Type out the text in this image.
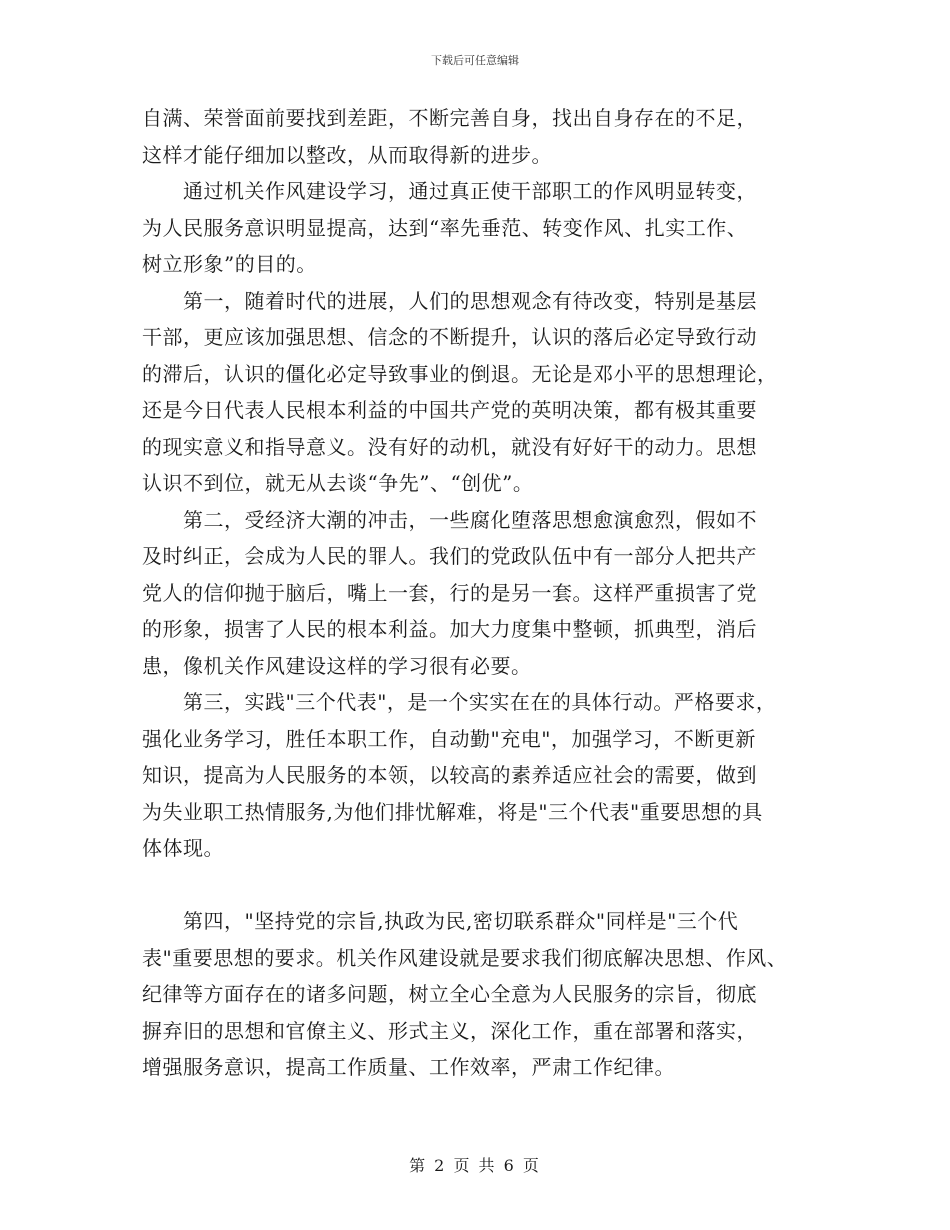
下载后可任意编辑
自满、荣誉面前要找到差距，不断完善自身，找出自身存在的不足，
这样才能仔细加以整改，从而取得新的进步。
　　通过机关作风建设学习，通过真正使干部职工的作风明显转变，
为人民服务意识明显提高，达到“率先垂范、转变作风、扎实工作、
树立形象”的目的。
　　第一，随着时代的进展，人们的思想观念有待改变，特别是基层
干部，更应该加强思想、信念的不断提升，认识的落后必定导致行动
的滞后，认识的僵化必定导致事业的倒退。无论是邓小平的思想理论，
还是今日代表人民根本利益的中国共产党的英明决策，都有极其重要
的现实意义和指导意义。没有好的动机，就没有好好干的动力。思想
认识不到位，就无从去谈“争先”、“创优”。
　　第二，受经济大潮的冲击，一些腐化堕落思想愈演愈烈，假如不
及时纠正，会成为人民的罪人。我们的党政队伍中有一部分人把共产
党人的信仰抛于脑后，嘴上一套，行的是另一套。这样严重损害了党
的形象，损害了人民的根本利益。加大力度集中整顿，抓典型，消后
患，像机关作风建设这样的学习很有必要。
　　第三，实践"三个代表"，是一个实实在在的具体行动。严格要求，
强化业务学习，胜任本职工作，自动勤"充电"，加强学习，不断更新
知识，提高为人民服务的本领，以较高的素养适应社会的需要，做到
为失业职工热情服务,为他们排忧解难，将是"三个代表"重要思想的具
体体现。
　　第四，"坚持党的宗旨,执政为民,密切联系群众"同样是"三个代
表"重要思想的要求。机关作风建设就是要求我们彻底解决思想、作风、
纪律等方面存在的诸多问题，树立全心全意为人民服务的宗旨，彻底
摒弃旧的思想和官僚主义、形式主义，深化工作，重在部署和落实，
增强服务意识，提高工作质量、工作效率，严肃工作纪律。
第 2 页 共 6 页
